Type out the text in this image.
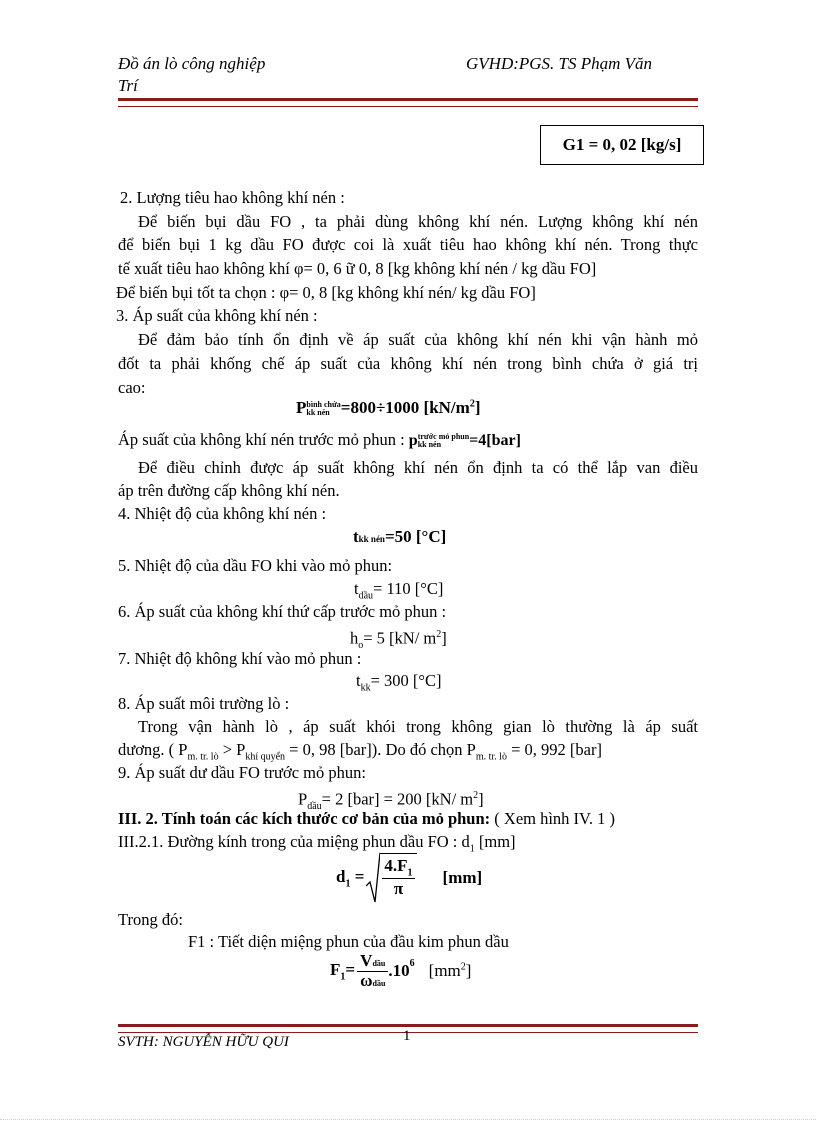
Đồ án lò công nghiệp
Trí
GVHD:PGS. TS Phạm Văn
G1 = 0, 02 [kg/s]
2. Lượng tiêu hao không khí nén :
Để biến bụi dầu FO , ta phải dùng không khí nén. Lượng không khí nén
để biến bụi 1 kg dầu FO được coi là xuất tiêu hao không khí nén. Trong thực
tế xuất tiêu hao không khí φ= 0, 6 ữ 0, 8 [kg không khí nén / kg dầu FO]
Để biến bụi tốt ta chọn : φ= 0, 8 [kg không khí nén/ kg dầu FO]
3. Áp suất của không khí nén :
Để đảm bảo tính ổn định về áp suất của không khí nén khi vận hành mỏ
đốt ta phải khống chế áp suất của không khí nén trong bình chứa ở giá trị
cao:
P bình chứa
kk nén =800÷1000 $[kN/m^2]$
Áp suất của không khí nén trước mỏ phun : p trước mỏ phun
kk nén	=4[bar]
Để điều chỉnh được áp suất không khí nén ổn định ta có thể lắp van điều
áp trên đường cấp không khí nén.
4. Nhiệt độ của không khí nén :
tkk nén=50 [°C]
5. Nhiệt độ của dầu FO khi vào mỏ phun:
$t_{dầu}= 110$ [°C]
6. Áp suất của không khí thứ cấp trước mỏ phun :
$h_o= 5$ [kN/ $m^2$]
7. Nhiệt độ không khí vào mỏ phun :
$t_{kk}= 300$ [°C]
8. Áp suất môi trường lò :
Trong vận hành lò , áp suất khói trong không gian lò thường là áp suất
dương. ( $P_{m. tr. lò} > P_{khí quyển} = 0$, 98 [bar]). Do đó chọn $P_{m. tr. lò} = 0$, 992 [bar]
9. Áp suất dư dầu FO trước mỏ phun:
$P_{dầu}= 2$ [bar] = 200 [kN/ $m^2$]
III. 2. Tính toán các kích thước cơ bản của mỏ phun: ( Xem hình IV. 1 )
III.2.1. Đường kính trong của miệng phun dầu FO : $d_1$ [mm]
$d_1$ =
$4.F_1$
π
[mm]
Trong đó:
F1 : Tiết diện miệng phun của đầu kim phun dầu
$F_1= \frac{\text{Vdầu}}{\text{ωdầu}} .10^6$ $[mm^2]$
SVTH: NGUYỄN HỮU QUI	1
